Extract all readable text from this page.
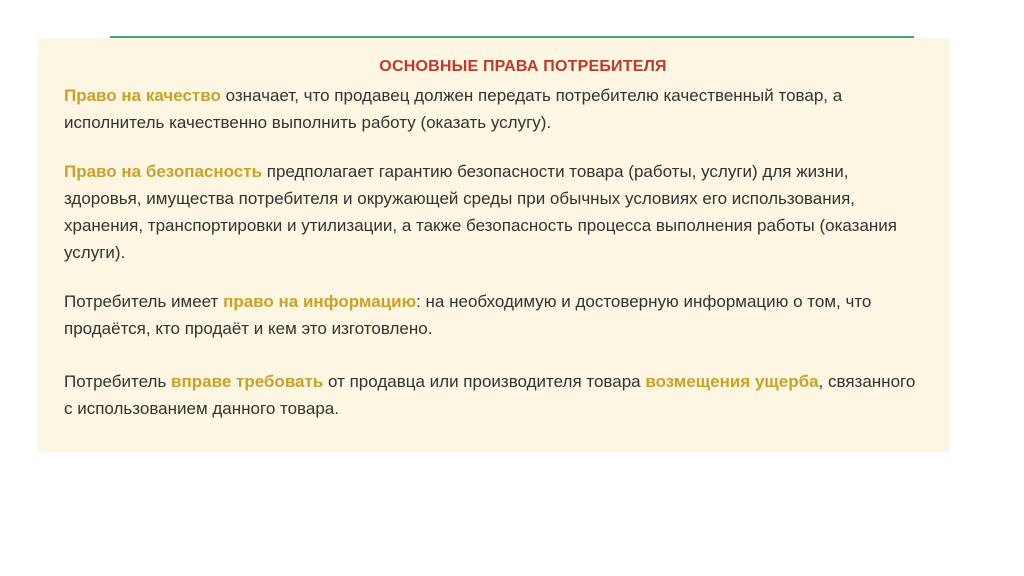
ОСНОВНЫЕ ПРАВА ПОТРЕБИТЕЛЯ
Право на качество означает, что продавец должен передать потребителю качественный товар, а исполнитель качественно выполнить работу (оказать услугу).
Право на безопасность предполагает гарантию безопасности товара (работы, услуги) для жизни, здоровья, имущества потребителя и окружающей среды при обычных условиях его использования, хранения, транспортировки и утилизации, а также безопасность процесса выполнения работы (оказания услуги).
Потребитель имеет право на информацию: на необходимую и достоверную информацию о том, что продаётся, кто продаёт и кем это изготовлено.
Потребитель вправе требовать от продавца или производителя товара возмещения ущерба, связанного с использованием данного товара.
